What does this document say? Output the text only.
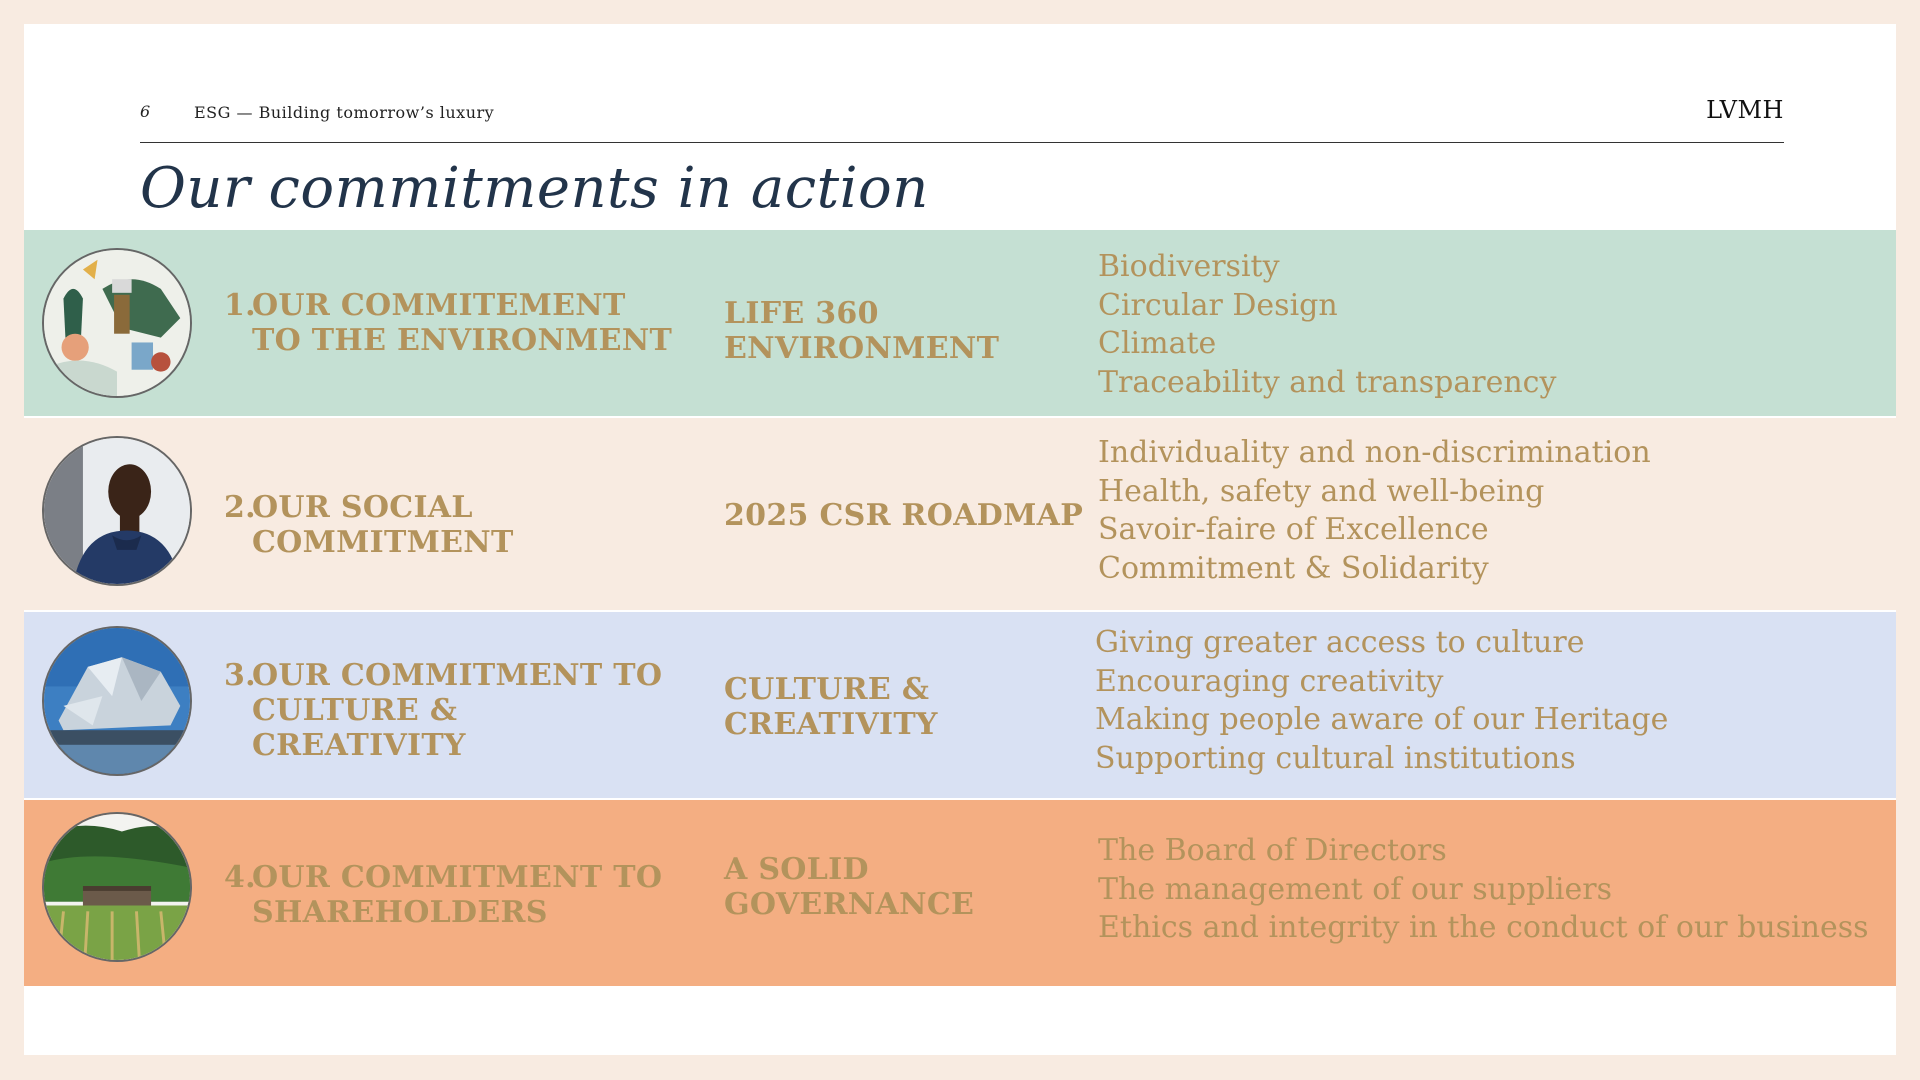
6	ESG — Building tomorrow’s luxury	LVMH
Our commitments in action
1.OUR COMMITEMENT
TO THE ENVIRONMENT
LIFE 360
ENVIRONMENT
Biodiversity
Circular Design
Climate
Traceability and transparency
2.OUR SOCIAL
COMMITMENT
2025 CSR ROADMAP
Individuality and non-discrimination
Health, safety and well-being
Savoir-faire of Excellence
Commitment & Solidarity
3.OUR COMMITMENT TO
CULTURE &
CREATIVITY
CULTURE &
CREATIVITY
Giving greater access to culture
Encouraging creativity
Making people aware of our Heritage
Supporting cultural institutions
4.OUR COMMITMENT TO
SHAREHOLDERS
A SOLID
GOVERNANCE
The Board of Directors
The management of our suppliers
Ethics and integrity in the conduct of our business
